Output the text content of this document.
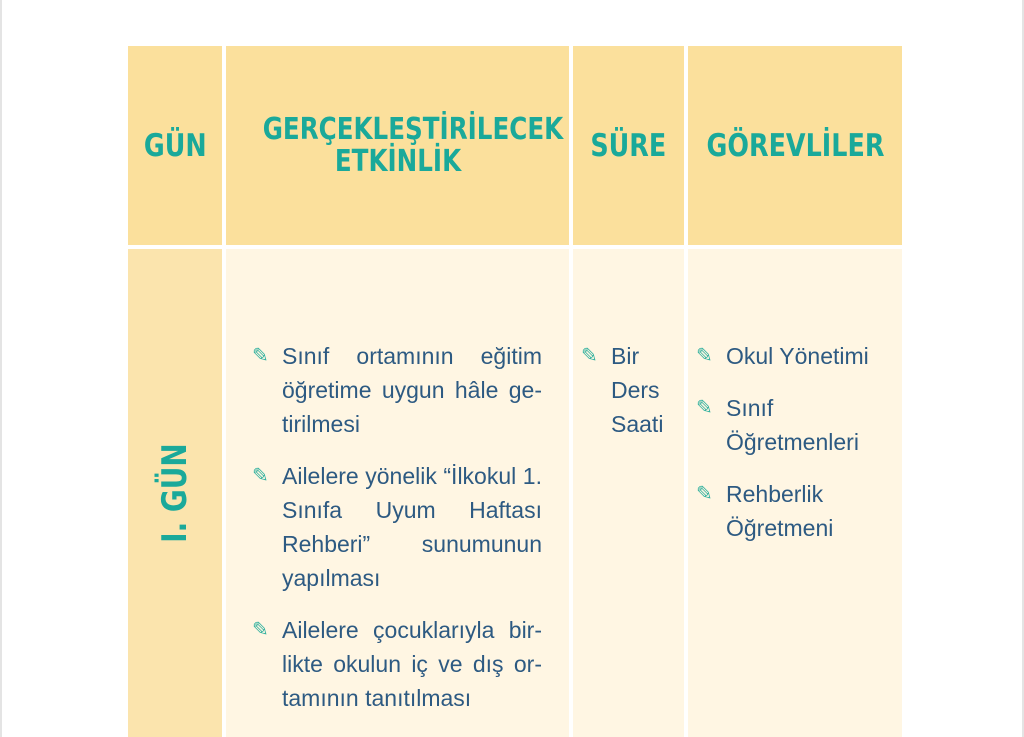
GÜN GERÇEKLEŞTİRİLECEK ETKİNLİK	SÜRE GÖREVLİLER
I. GÜN
✎ Sınıf ortamının eğitim öğretime uygun hâle ge-tirilmesi
✎ Ailelere yönelik “İlkokul 1. Sınıfa Uyum Haftası Rehberi” sunumunun yapılması
✎ Ailelere çocuklarıyla bir-likte okulun iç ve dış or-tamının tanıtılması
✎ Bir Ders Saati
✎ Okul Yönetimi
✎ Sınıf Öğretmenleri
✎ Rehberlik Öğretmeni
